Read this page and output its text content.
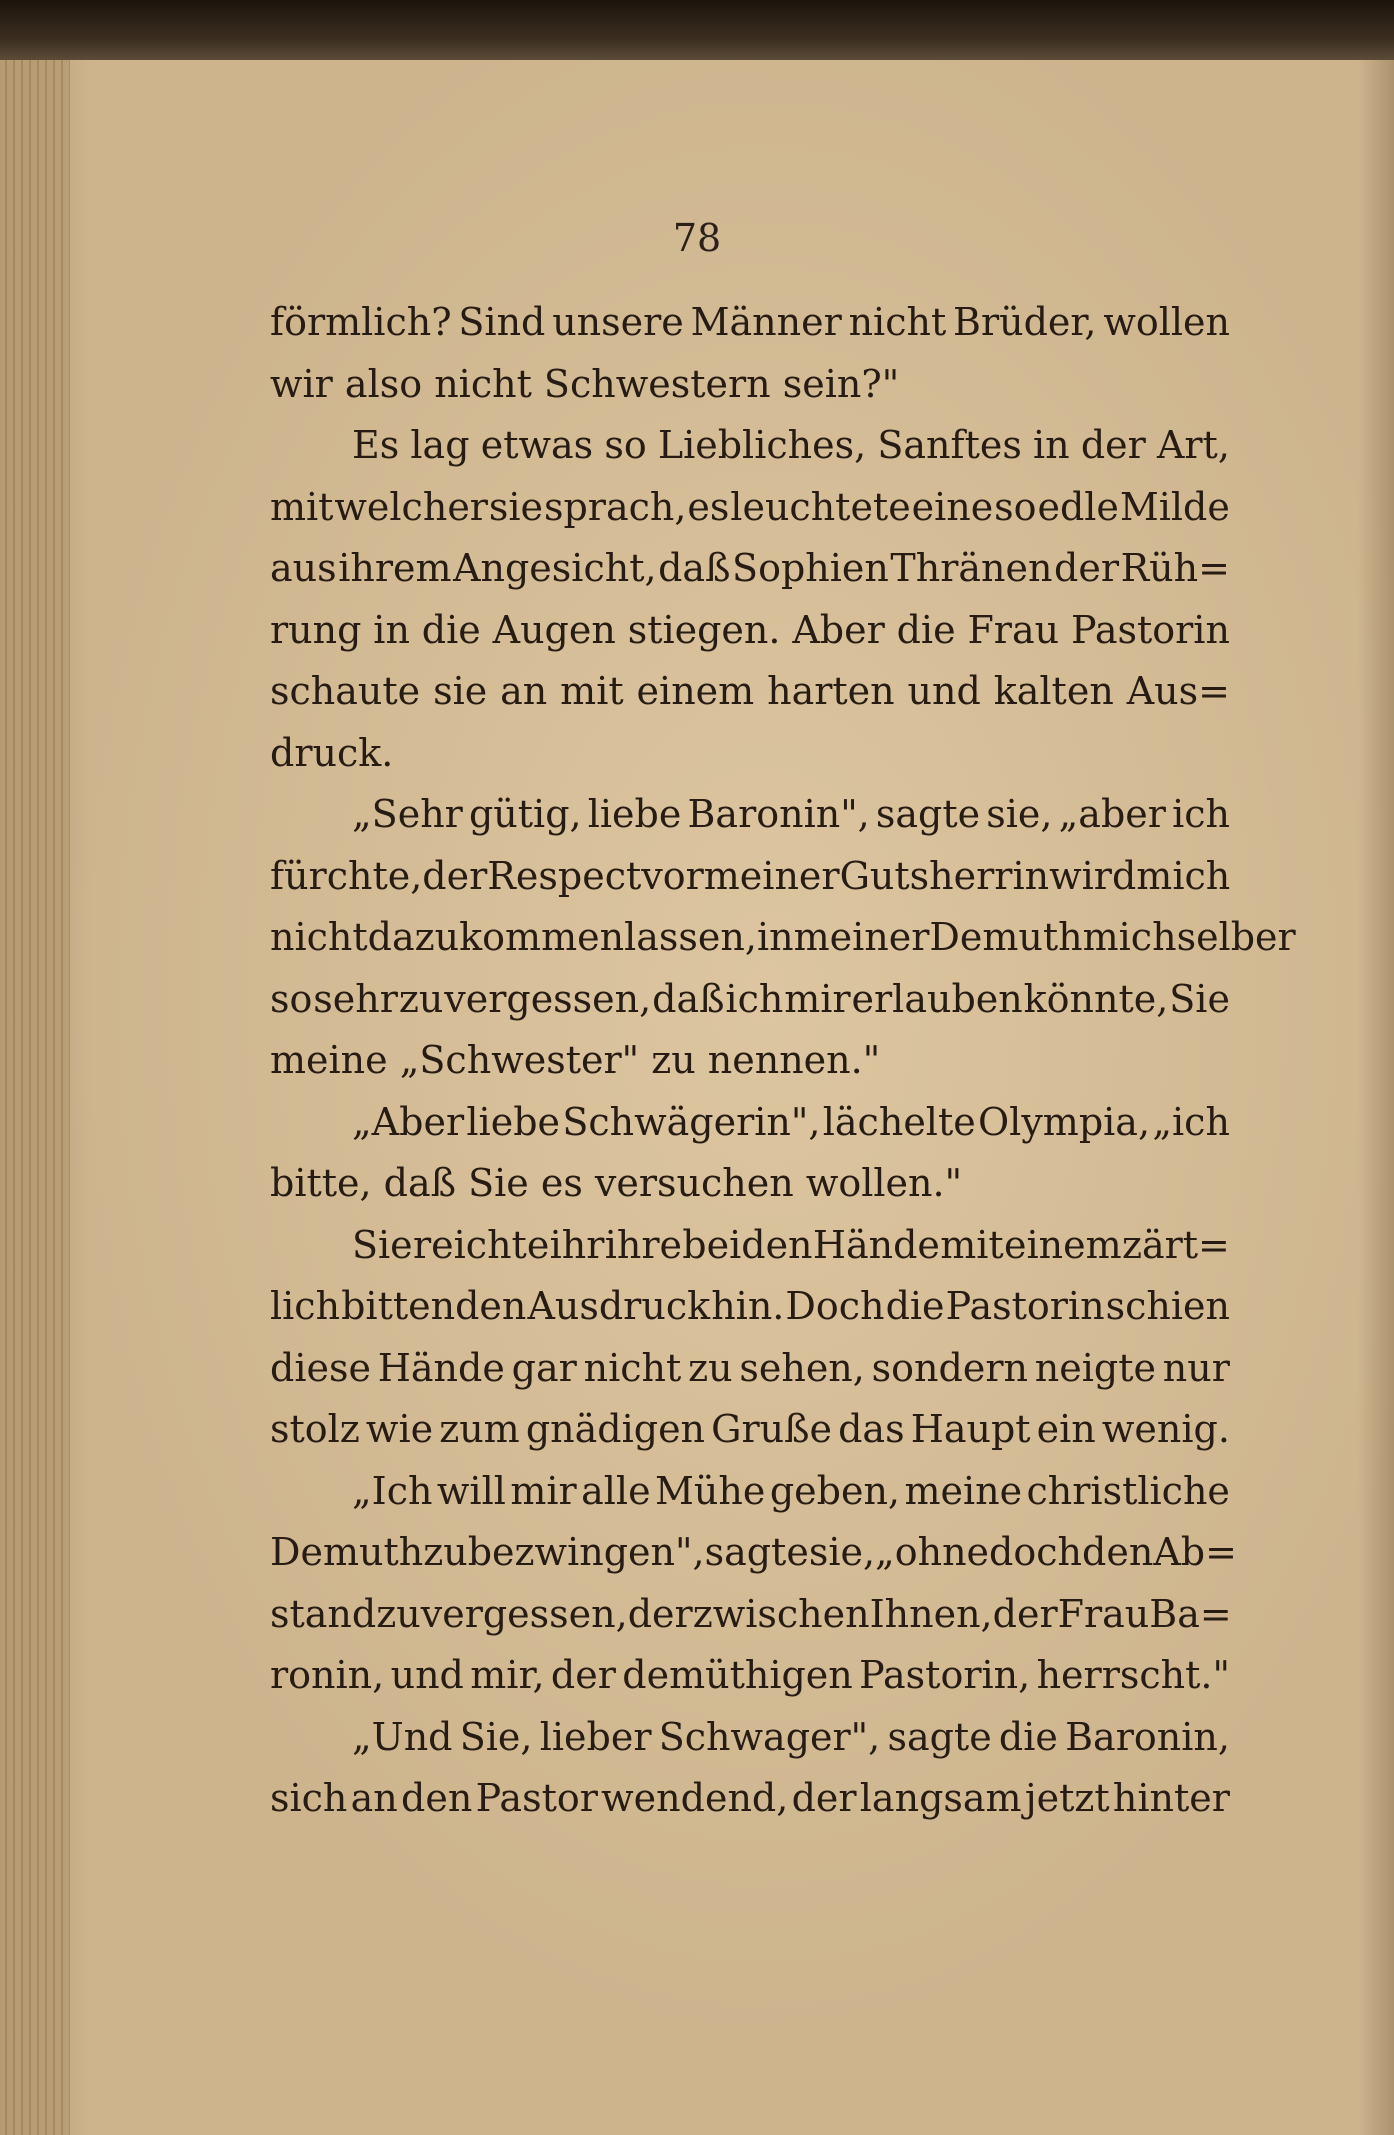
78
förmlich? Sind unsere Männer nicht Brüder, wollen
wir also nicht Schwestern sein?"
Es lag etwas so Liebliches, Sanftes in der Art,
mit welcher sie sprach, es leuchtete eine so edle Milde
aus ihrem Angesicht, daß Sophien Thränen der Rüh=
rung in die Augen stiegen. Aber die Frau Pastorin
schaute sie an mit einem harten und kalten Aus=
druck.
„Sehr gütig, liebe Baronin", sagte sie, „aber ich
fürchte, der Respect vor meiner Gutsherrin wird mich
nicht dazu kommen lassen, in meiner Demuth mich selber
so sehr zu vergessen, daß ich mir erlauben könnte, Sie
meine „Schwester" zu nennen."
„Aber liebe Schwägerin", lächelte Olympia, „ich
bitte, daß Sie es versuchen wollen."
Sie reichte ihr ihre beiden Hände mit einem zärt=
lich bittenden Ausdruck hin. Doch die Pastorin schien
diese Hände gar nicht zu sehen, sondern neigte nur
stolz wie zum gnädigen Gruße das Haupt ein wenig.
„Ich will mir alle Mühe geben, meine christliche
Demuth zu bezwingen", sagte sie, „ohne doch den Ab=
stand zu vergessen, der zwischen Ihnen, der Frau Ba=
ronin, und mir, der demüthigen Pastorin, herrscht."
„Und Sie, lieber Schwager", sagte die Baronin,
sich an den Pastor wendend, der langsam jetzt hinter
